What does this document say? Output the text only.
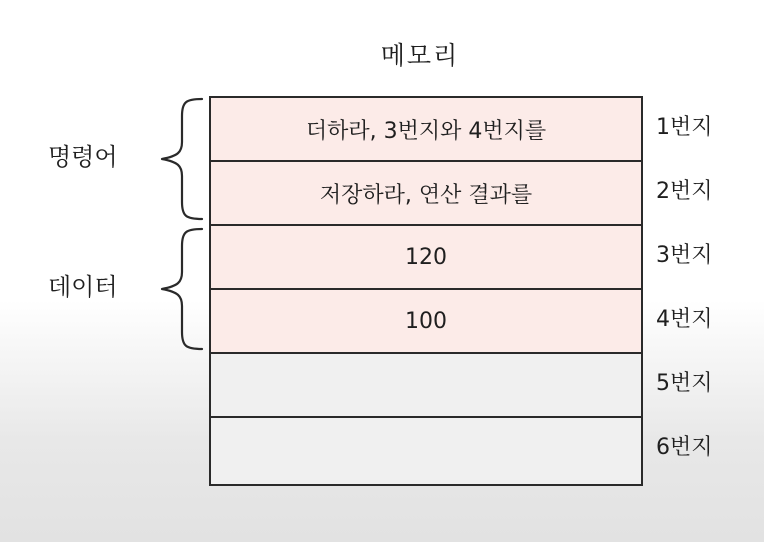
메모리
더하라, 3번지와 4번지를
저장하라, 연산 결과를
120
100
1번지
2번지
3번지
4번지
5번지
6번지
명령어
데이터
